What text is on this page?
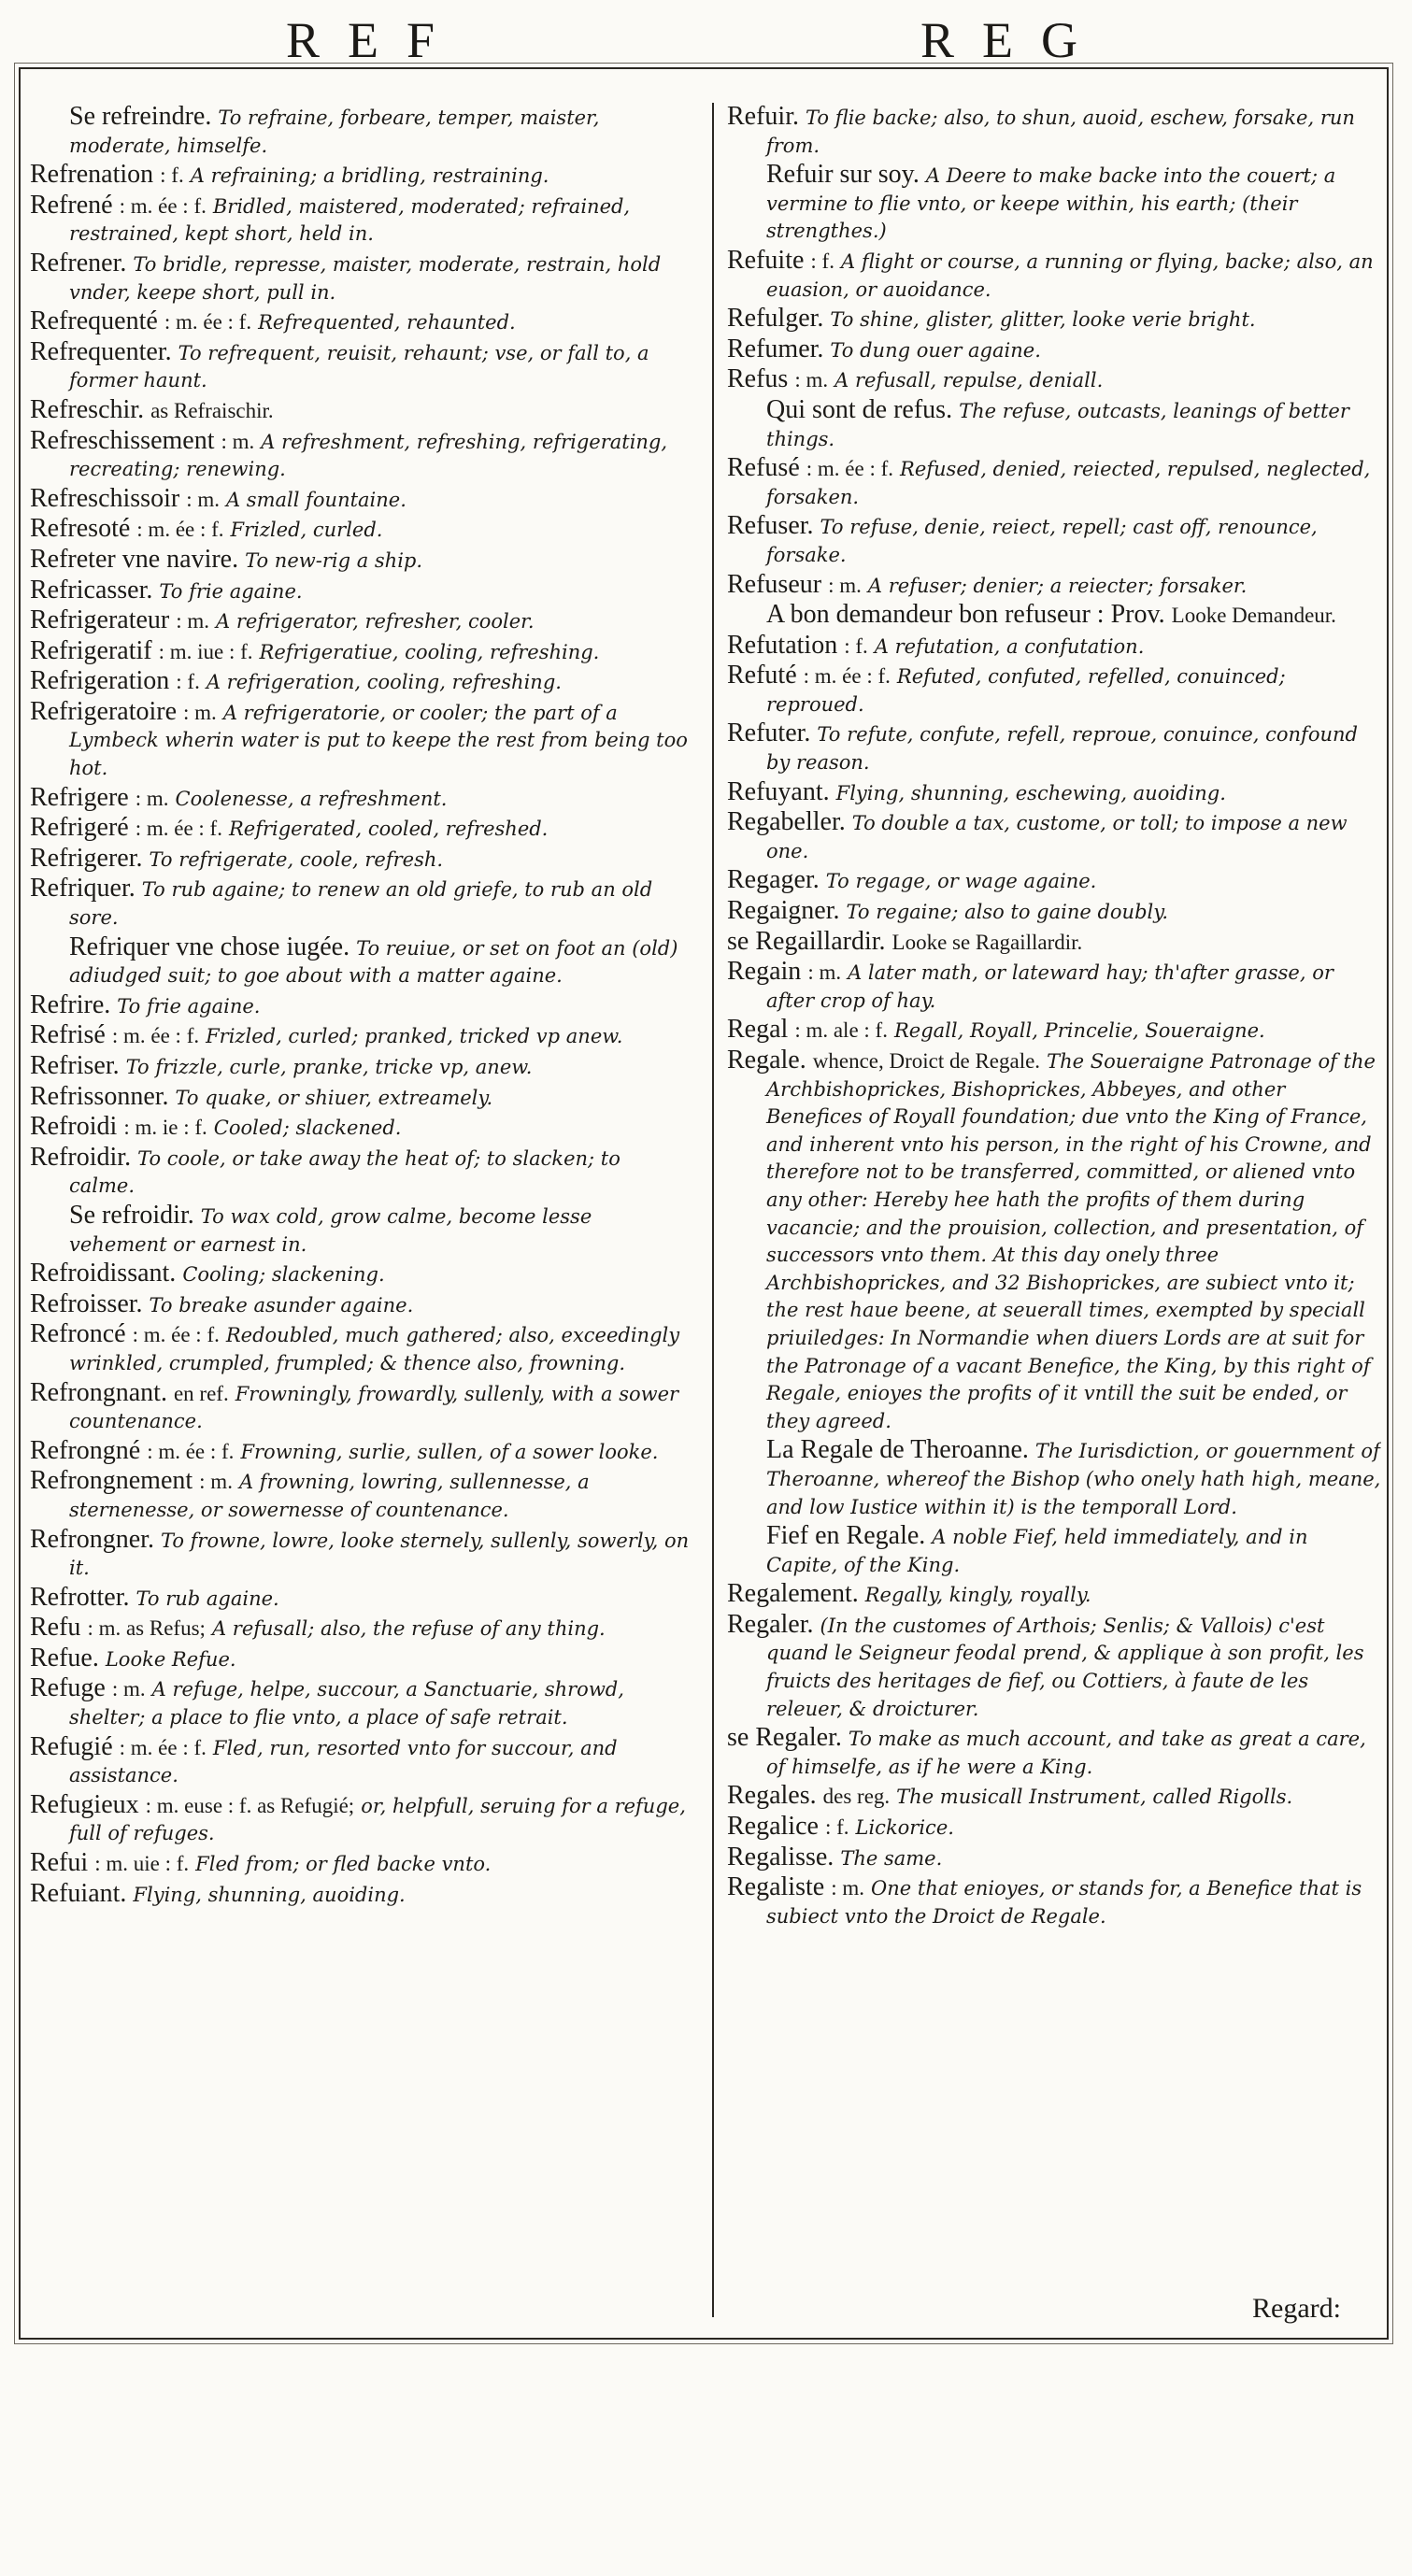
REF	REG

Se refreindre. To refraine, forbeare, temper, maister, moderate, himselfe.

Refrenation : f. A refraining; a bridling, restraining.

Refrené : m. ée : f. Bridled, maistered, moderated; refrained, restrained, kept short, held in.

Refrener. To bridle, represse, maister, moderate, restrain, hold vnder, keepe short, pull in.

Refrequenté : m. ée : f. Refrequented, rehaunted.

Refrequenter. To refrequent, reuisit, rehaunt; vse, or fall to, a former haunt.

Refreschir. as Refraischir.

Refreschissement : m. A refreshment, refreshing, refrigerating, recreating; renewing.

Refreschissoir : m. A small fountaine.

Refresoté : m. ée : f. Frizled, curled.

Refreter vne navire. To new-rig a ship.

Refricasser. To frie againe.

Refrigerateur : m. A refrigerator, refresher, cooler.

Refrigeratif : m. iue : f. Refrigeratiue, cooling, refreshing.

Refrigeration : f. A refrigeration, cooling, refreshing.

Refrigeratoire : m. A refrigeratorie, or cooler; the part of a Lymbeck wherin water is put to keepe the rest from being too hot.

Refrigere : m. Coolenesse, a refreshment.

Refrigeré : m. ée : f. Refrigerated, cooled, refreshed.

Refrigerer. To refrigerate, coole, refresh.

Refriquer. To rub againe; to renew an old griefe, to rub an old sore.

Refriquer vne chose iugée. To reuiue, or set on foot an (old) adiudged suit; to goe about with a matter againe.

Refrire. To frie againe.

Refrisé : m. ée : f. Frizled, curled; pranked, tricked vp anew.

Refriser. To frizzle, curle, pranke, tricke vp, anew.

Refrissonner. To quake, or shiuer, extreamely.

Refroidi : m. ie : f. Cooled; slackened.

Refroidir. To coole, or take away the heat of; to slacken; to calme.

Se refroidir. To wax cold, grow calme, become lesse vehement or earnest in.

Refroidissant. Cooling; slackening.

Refroisser. To breake asunder againe.

Refroncé : m. ée : f. Redoubled, much gathered; also, exceedingly wrinkled, crumpled, frumpled; & thence also, frowning.

Refrongnant. en ref. Frowningly, frowardly, sullenly, with a sower countenance.

Refrongné : m. ée : f. Frowning, surlie, sullen, of a sower looke.

Refrongnement : m. A frowning, lowring, sullennesse, a sternenesse, or sowernesse of countenance.

Refrongner. To frowne, lowre, looke sternely, sullenly, sowerly, on it.

Refrotter. To rub againe.

Refu : m. as Refus; A refusall; also, the refuse of any thing.

Refue. Looke Refue.

Refuge : m. A refuge, helpe, succour, a Sanctuarie, shrowd, shelter; a place to flie vnto, a place of safe retrait.

Refugié : m. ée : f. Fled, run, resorted vnto for succour, and assistance.

Refugieux : m. euse : f. as Refugié; or, helpfull, seruing for a refuge, full of refuges.

Refui : m. uie : f. Fled from; or fled backe vnto.

Refuiant. Flying, shunning, auoiding.

Refuir. To flie backe; also, to shun, auoid, eschew, forsake, run from.

Refuir sur soy. A Deere to make backe into the couert; a vermine to flie vnto, or keepe within, his earth; (their strengthes.)

Refuite : f. A flight or course, a running or flying, backe; also, an euasion, or auoidance.

Refulger. To shine, glister, glitter, looke verie bright.

Refumer. To dung ouer againe.

Refus : m. A refusall, repulse, deniall.

Qui sont de refus. The refuse, outcasts, leanings of better things.

Refusé : m. ée : f. Refused, denied, reiected, repulsed, neglected, forsaken.

Refuser. To refuse, denie, reiect, repell; cast off, renounce, forsake.

Refuseur : m. A refuser; denier; a reiecter; forsaker.

A bon demandeur bon refuseur : Prov. Looke Demandeur.

Refutation : f. A refutation, a confutation.

Refuté : m. ée : f. Refuted, confuted, refelled, conuinced; reproued.

Refuter. To refute, confute, refell, reproue, conuince, confound by reason.

Refuyant. Flying, shunning, eschewing, auoiding.

Regabeller. To double a tax, custome, or toll; to impose a new one.

Regager. To regage, or wage againe.

Regaigner. To regaine; also to gaine doubly.

se Regaillardir. Looke se Ragaillardir.

Regain : m. A later math, or lateward hay; th'after grasse, or after crop of hay.

Regal : m. ale : f. Regall, Royall, Princelie, Soueraigne.

Regale. whence, Droict de Regale. The Soueraigne Patronage of the Archbishoprickes, Bishoprickes, Abbeyes, and other Benefices of Royall foundation; due vnto the King of France, and inherent vnto his person, in the right of his Crowne, and therefore not to be transferred, committed, or aliened vnto any other: Hereby hee hath the profits of them during vacancie; and the prouision, collection, and presentation, of successors vnto them. At this day onely three Archbishoprickes, and 32 Bishoprickes, are subiect vnto it; the rest haue beene, at seuerall times, exempted by speciall priuiledges: In Normandie when diuers Lords are at suit for the Patronage of a vacant Benefice, the King, by this right of Regale, enioyes the profits of it vntill the suit be ended, or they agreed.

La Regale de Theroanne. The Iurisdiction, or gouernment of Theroanne, whereof the Bishop (who onely hath high, meane, and low Iustice within it) is the temporall Lord.

Fief en Regale. A noble Fief, held immediately, and in Capite, of the King.

Regalement. Regally, kingly, royally.

Regaler. (In the customes of Arthois; Senlis; & Vallois) c'est quand le Seigneur feodal prend, & applique à son profit, les fruicts des heritages de fief, ou Cottiers, à faute de les releuer, & droicturer.

se Regaler. To make as much account, and take as great a care, of himselfe, as if he were a King.

Regales. des reg. The musicall Instrument, called Rigolls.

Regalice : f. Lickorice.

Regalisse. The same.

Regaliste : m. One that enioyes, or stands for, a Benefice that is subiect vnto the Droict de Regale.

Regard:
